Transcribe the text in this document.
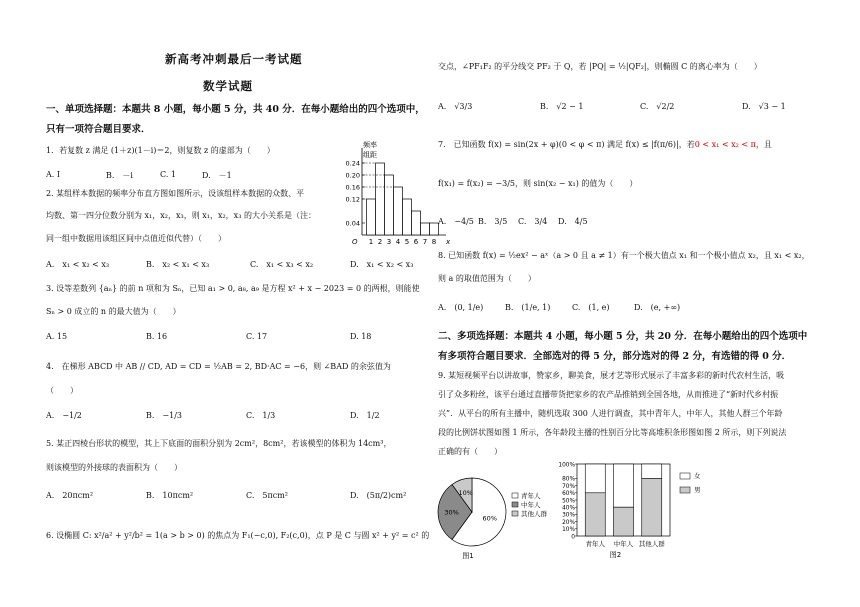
新高考冲刺最后一考试题
数学试题
一、单项选择题：本题共 8 小题，每小题 5 分，共 40 分．在每小题给出的四个选项中，
只有一项符合题目要求．
1．若复数 z 满足 (1＋z)(1－i)＝2，则复数 z 的虚部为（　　）
A. I	B.　－i	C. 1	D.　－1
2. 某组样本数据的频率分布直方图如图所示，设该组样本数据的众数、平
均数、第一四分位数分别为 x₁，x₂，x₃，则 x₁，x₂，x₃ 的大小关系是（注：
同一组中数据用该组区间中点值近似代替）（　　）
A.　x₁ < x₂ < x₃	B.　x₂ < x₁ < x₃	C.　x₁ < x₃ < x₂	D.　x₁ < x₂ < x₃
频率
组距
O	x
0.24
0.20
0.16
0.12
0.04
1 2 3 4 5 6 7 8
3. 设等差数列 {aₙ} 的前 n 项和为 Sₙ，已知 a₁ > 0, a₈, a₉ 是方程 x² + x − 2023 = 0 的两根，则能使
Sₙ > 0 成立的 n 的最大值为（　　）
A. 15	B. 16	C. 17	D. 18
4.　在梯形 ABCD 中 AB // CD, AD = CD = ½AB = 2, BD·AC = −6，则 ∠BAD 的余弦值为
（　　）
A.　−1/2	B.　−1/3	C.　1/3	D.　1/2
5. 某正四棱台形状的模型，其上下底面的面积分别为 2cm²，8cm²，若该模型的体积为 14cm³，
则该模型的外接球的表面积为（　　）
A.　20πcm²	B.　10πcm²	C.　5πcm²	D.　(5π/2)cm²
6. 设椭圆 C: x²/a² + y²/b² = 1(a > b > 0) 的焦点为 F₁(−c,0), F₂(c,0)，点 P 是 C 与圆 x² + y² = c² 的
交点，∠PF₁F₂ 的平分线交 PF₂ 于 Q，若 |PQ| = ½|QF₂|，则椭圆 C 的离心率为（　　）
A.　√3/3	B.　√2 − 1	C.　√2/2	D.　√3 − 1
7.　已知函数 f(x) = sin(2x + φ)(0 < φ < π) 满足 f(x) ≤ |f(π/6)|，若0 < x₁ < x₂ < π，且
f(x₁) = f(x₂) = −3/5，则 sin(x₂ − x₁) 的值为（　　）
A.　−4/5 B.　3/5 C.　3/4 D.　4/5
8. 已知函数 f(x) = ½ex² − aˣ（a > 0 且 a ≠ 1）有一个极大值点 x₁ 和一个极小值点 x₂，且 x₁ < x₂，
则 a 的取值范围为（　　）
A.　(0, 1/e)	B.　(1/e, 1)	C.　(1, e)	D.　(e, +∞)
二、多项选择题：本题共 4 小题，每小题 5 分，共 20 分．在每小题给出的四个选项中
有多项符合题目要求．全部选对的得 5 分，部分选对的得 2 分，有选错的得 0 分．
9. 某短视频平台以讲故事，赞家乡，聊美食，展才艺等形式展示了丰富多彩的新时代农村生活，吸
引了众多粉丝，该平台通过直播带货把家乡的农产品推销到全国各地，从而推进了“新时代乡村振
兴”．从平台的所有主播中，随机选取 300 人进行调查，其中青年人，中年人，其他人群三个年龄
段的比例饼状图如图 1 所示，各年龄段主播的性别百分比等高堆积条形图如图 2 所示，则下列说法
正确的有（　　）
60%
30%
10%	青年人
中年人
其他人群
图1
100%
80%
70%
60%
50%
40%
30%
20%
10%
0
青年人 中年人 其他人群
女
男
图2
